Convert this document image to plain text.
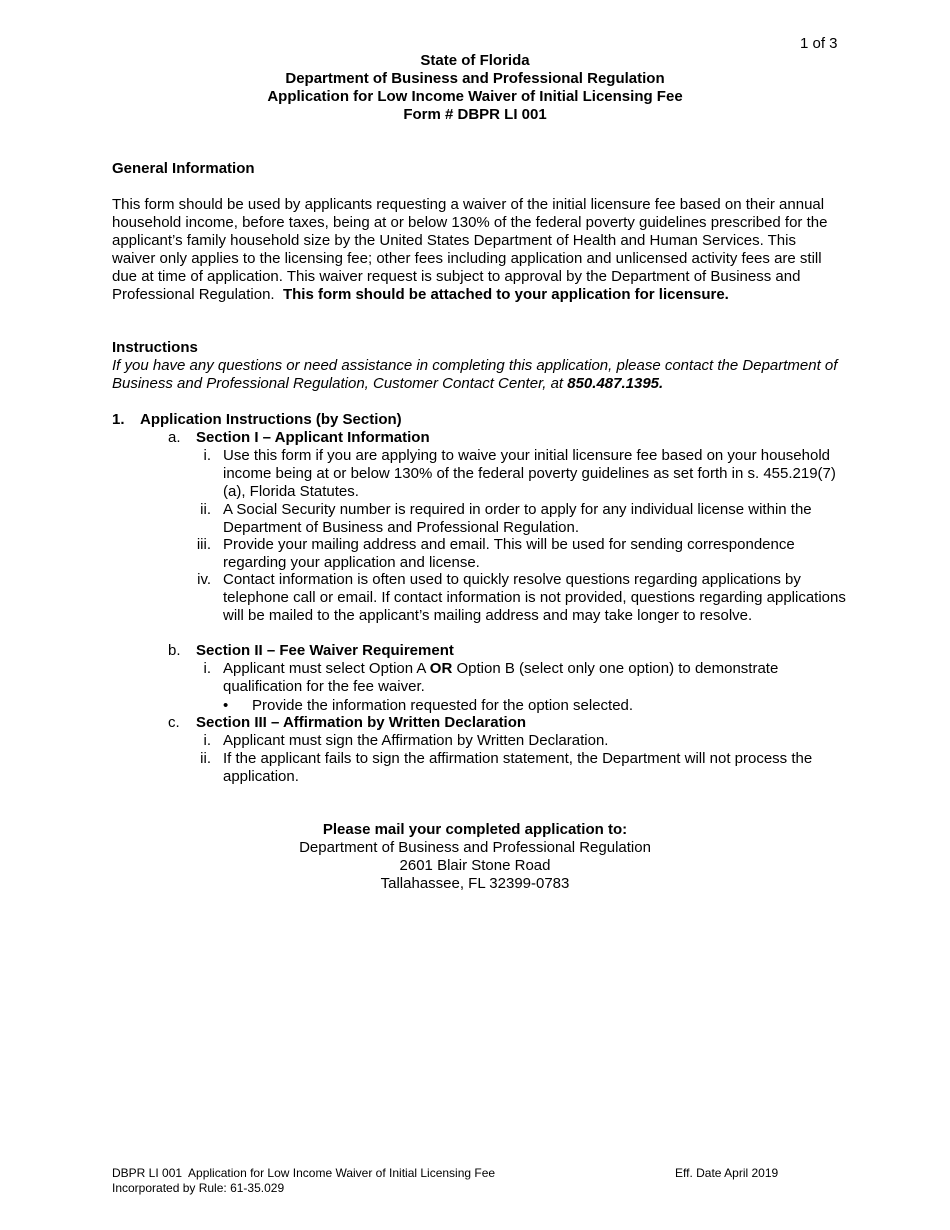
1 of 3
State of Florida
Department of Business and Professional Regulation
Application for Low Income Waiver of Initial Licensing Fee
Form # DBPR LI 001
General Information
This form should be used by applicants requesting a waiver of the initial licensure fee based on their annual household income, before taxes, being at or below 130% of the federal poverty guidelines prescribed for the applicant’s family household size by the United States Department of Health and Human Services. This waiver only applies to the licensing fee; other fees including application and unlicensed activity fees are still due at time of application. This waiver request is subject to approval by the Department of Business and Professional Regulation. This form should be attached to your application for licensure.
Instructions
If you have any questions or need assistance in completing this application, please contact the Department of Business and Professional Regulation, Customer Contact Center, at 850.487.1395.
1. Application Instructions (by Section)
a. Section I – Applicant Information
i. Use this form if you are applying to waive your initial licensure fee based on your household income being at or below 130% of the federal poverty guidelines as set forth in s. 455.219(7)(a), Florida Statutes.
ii. A Social Security number is required in order to apply for any individual license within the Department of Business and Professional Regulation.
iii. Provide your mailing address and email. This will be used for sending correspondence regarding your application and license.
iv. Contact information is often used to quickly resolve questions regarding applications by telephone call or email. If contact information is not provided, questions regarding applications will be mailed to the applicant’s mailing address and may take longer to resolve.
b. Section II – Fee Waiver Requirement
i. Applicant must select Option A OR Option B (select only one option) to demonstrate qualification for the fee waiver.
•	Provide the information requested for the option selected.
c. Section III – Affirmation by Written Declaration
i. Applicant must sign the Affirmation by Written Declaration.
ii. If the applicant fails to sign the affirmation statement, the Department will not process the application.
Please mail your completed application to:
Department of Business and Professional Regulation
2601 Blair Stone Road
Tallahassee, FL 32399-0783
DBPR LI 001  Application for Low Income Waiver of Initial Licensing Fee
Incorporated by Rule: 61-35.029
Eff. Date April 2019
